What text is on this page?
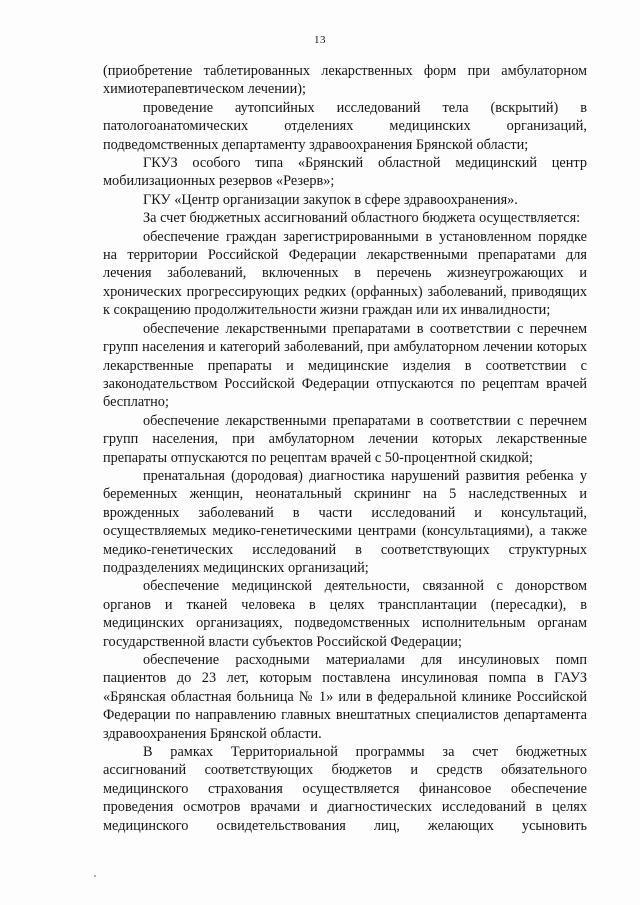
13

(приобретение таблетированных лекарственных форм при амбулаторном химиотерапевтическом лечении);

проведение аутопсийных исследований тела (вскрытий) в патологоанатомических отделениях медицинских организаций, подведомственных департаменту здравоохранения Брянской области;

ГКУЗ особого типа «Брянский областной медицинский центр мобилизационных резервов «Резерв»;

ГКУ «Центр организации закупок в сфере здравоохранения».

За счет бюджетных ассигнований областного бюджета осуществляется:

обеспечение граждан зарегистрированными в установленном порядке на территории Российской Федерации лекарственными препаратами для лечения заболеваний, включенных в перечень жизнеугрожающих и хронических прогрессирующих редких (орфанных) заболеваний, приводящих к сокращению продолжительности жизни граждан или их инвалидности;

обеспечение лекарственными препаратами в соответствии с перечнем групп населения и категорий заболеваний, при амбулаторном лечении которых лекарственные препараты и медицинские изделия в соответствии с законодательством Российской Федерации отпускаются по рецептам врачей бесплатно;

обеспечение лекарственными препаратами в соответствии с перечнем групп населения, при амбулаторном лечении которых лекарственные препараты отпускаются по рецептам врачей с 50-процентной скидкой;

пренатальная (дородовая) диагностика нарушений развития ребенка у беременных женщин, неонатальный скрининг на 5 наследственных и врожденных заболеваний в части исследований и консультаций, осуществляемых медико-генетическими центрами (консультациями), а также медико-генетических исследований в соответствующих структурных подразделениях медицинских организаций;

обеспечение медицинской деятельности, связанной с донорством органов и тканей человека в целях трансплантации (пересадки), в медицинских организациях, подведомственных исполнительным органам государственной власти субъектов Российской Федерации;

обеспечение расходными материалами для инсулиновых помп пациентов до 23 лет, которым поставлена инсулиновая помпа в ГАУЗ «Брянская областная больница № 1» или в федеральной клинике Российской Федерации по направлению главных внештатных специалистов департамента здравоохранения Брянской области.

В рамках Территориальной программы за счет бюджетных ассигнований соответствующих бюджетов и средств обязательного медицинского страхования осуществляется финансовое обеспечение проведения осмотров врачами и диагностических исследований в целях медицинского освидетельствования лиц, желающих усыновить
